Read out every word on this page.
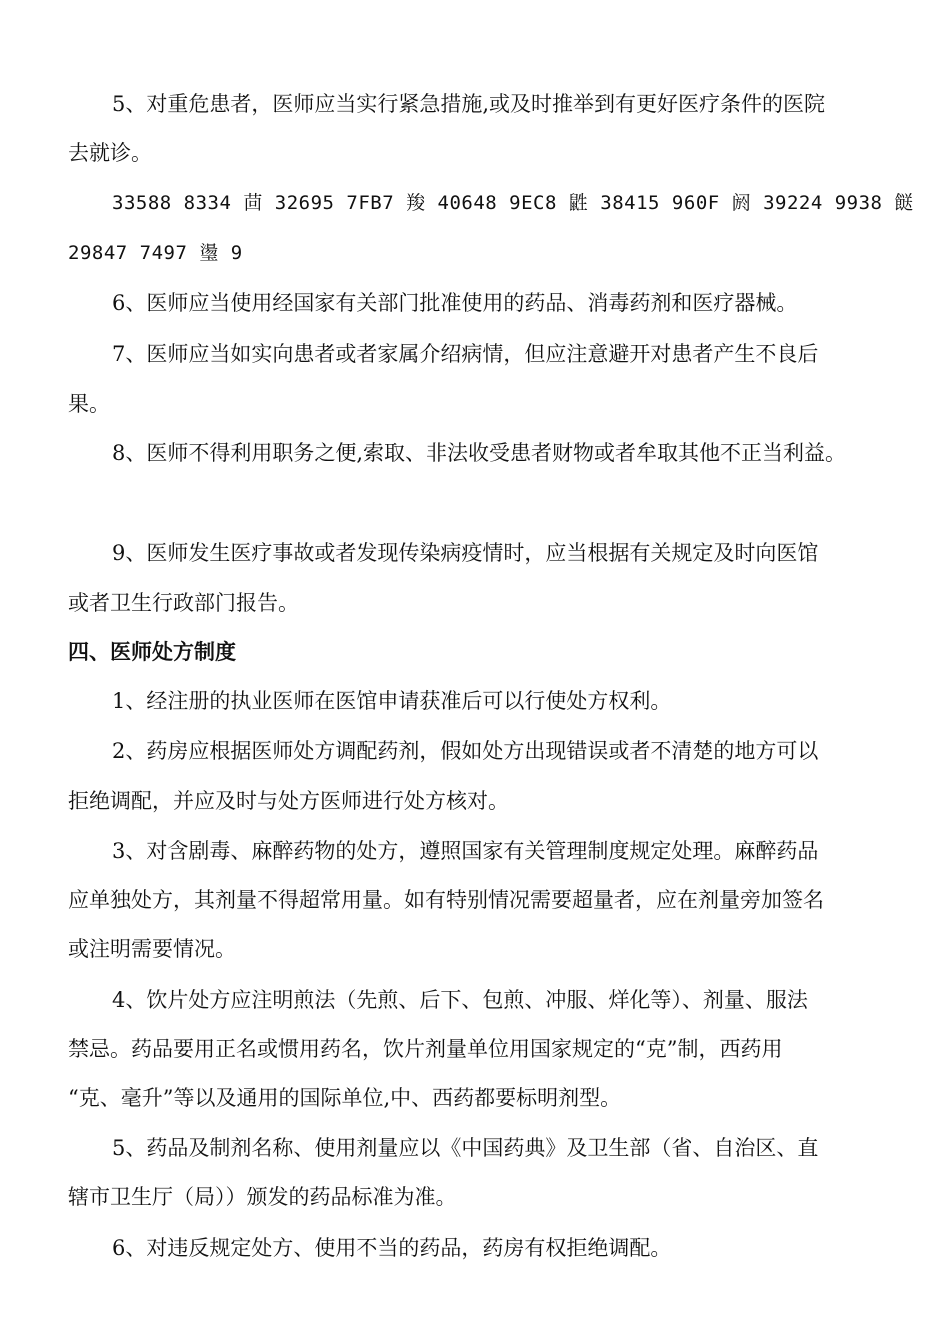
5、对重危患者，医师应当实行紧急措施,或及时推举到有更好医疗条件的医院
去就诊。
33588 8334 茴 32695 7FB7 羧 40648 9EC8 鼪 38415 960F 阏 39224 9938 餸
29847 7497 璗 9
6、医师应当使用经国家有关部门批准使用的药品、消毒药剂和医疗器械。
7、医师应当如实向患者或者家属介绍病情，但应注意避开对患者产生不良后
果。
8、医师不得利用职务之便,索取、非法收受患者财物或者牟取其他不正当利益。
9、医师发生医疗事故或者发现传染病疫情时，应当根据有关规定及时向医馆
或者卫生行政部门报告。
四、医师处方制度
1、经注册的执业医师在医馆申请获准后可以行使处方权利。
2、药房应根据医师处方调配药剂，假如处方出现错误或者不清楚的地方可以
拒绝调配，并应及时与处方医师进行处方核对。
3、对含剧毒、麻醉药物的处方，遵照国家有关管理制度规定处理。麻醉药品
应单独处方，其剂量不得超常用量。如有特别情况需要超量者，应在剂量旁加签名
或注明需要情况。
4、饮片处方应注明煎法（先煎、后下、包煎、冲服、烊化等）、剂量、服法
禁忌。药品要用正名或惯用药名，饮片剂量单位用国家规定的“克”制，西药用
“克、毫升”等以及通用的国际单位,中、西药都要标明剂型。
5、药品及制剂名称、使用剂量应以《中国药典》及卫生部（省、自治区、直
辖市卫生厅（局））颁发的药品标准为准。
6、对违反规定处方、使用不当的药品，药房有权拒绝调配。
